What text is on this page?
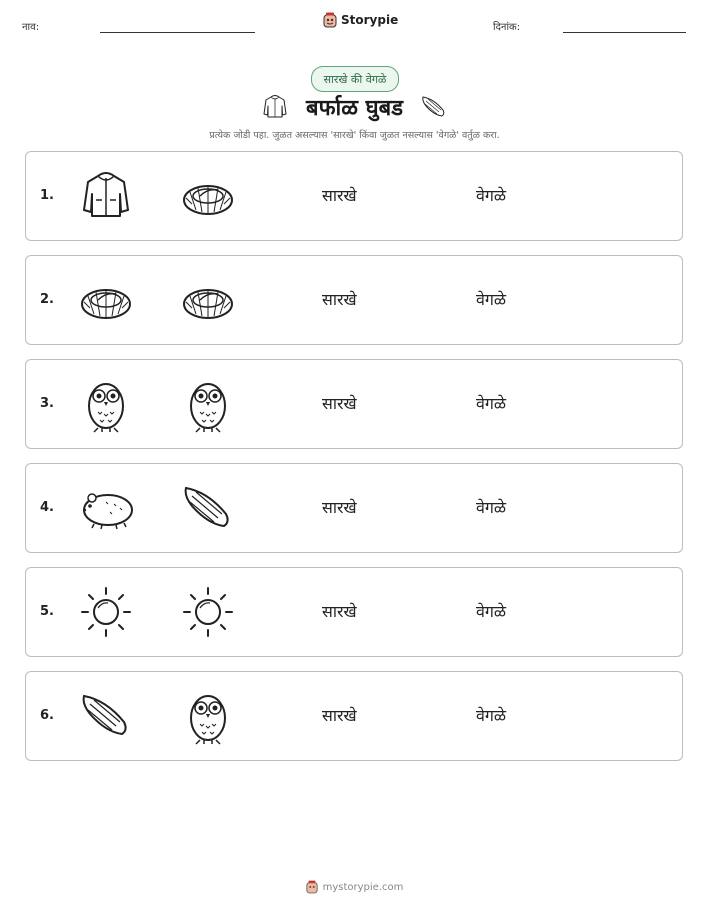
नाव:
Storypie
दिनांक:
सारखे की वेगळे
बर्फाळ घुबड
प्रत्येक जोडी पहा. जुळत असल्यास 'सारखे' किंवा जुळत नसल्यास 'वेगळे' वर्तुळ करा.
1.	सारखे	वेगळे
2.	सारखे	वेगळे
3.	सारखे	वेगळे
4.	सारखे	वेगळे
5.	सारखे	वेगळे
6.	सारखे	वेगळे
mystorypie.com
